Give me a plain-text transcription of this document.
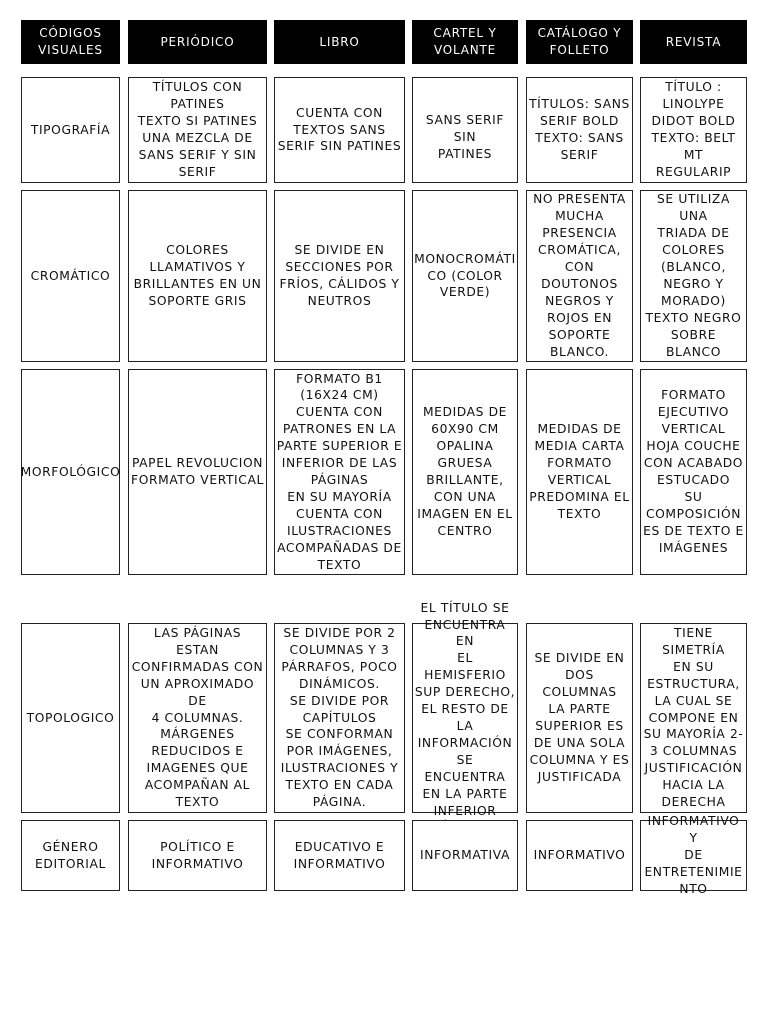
CÓDIGOS
VISUALES
PERIÓDICO	LIBRO
CARTEL Y
VOLANTE
CATÁLOGO Y
FOLLETO
REVISTA
TIPOGRAFÍA
TÍTULOS CON
PATINES
TEXTO SI PATINES
UNA MEZCLA DE
SANS SERIF Y SIN
SERIF
CUENTA CON
TEXTOS SANS
SERIF SIN PATINES
SANS SERIF SIN
PATINES
TÍTULOS: SANS
SERIF BOLD
TEXTO: SANS
SERIF
TÍTULO :
LINOLYPE
DIDOT BOLD
TEXTO: BELT MT
REGULARIP
CROMÁTICO
COLORES
LLAMATIVOS Y
BRILLANTES EN UN
SOPORTE GRIS
SE DIVIDE EN
SECCIONES POR
FRÍOS, CÁLIDOS Y
NEUTROS
MONOCROMÁTI
CO (COLOR
VERDE)
NO PRESENTA
MUCHA
PRESENCIA
CROMÁTICA,
CON
DOUTONOS
NEGROS Y
ROJOS EN
SOPORTE
BLANCO.
SE UTILIZA UNA
TRIADA DE
COLORES
(BLANCO,
NEGRO Y
MORADO)
TEXTO NEGRO
SOBRE BLANCO
MORFOLÓGICO
PAPEL REVOLUCION
FORMATO VERTICAL
FORMATO B1
(16X24 CM)
CUENTA CON
PATRONES EN LA
PARTE SUPERIOR E
INFERIOR DE LAS
PÁGINAS
EN SU MAYORÍA
CUENTA CON
ILUSTRACIONES
ACOMPAÑADAS DE
TEXTO
MEDIDAS DE
60X90 CM
OPALINA
GRUESA
BRILLANTE,
CON UNA
IMAGEN EN EL
CENTRO
MEDIDAS DE
MEDIA CARTA
FORMATO
VERTICAL
PREDOMINA EL
TEXTO
FORMATO
EJECUTIVO
VERTICAL
HOJA COUCHE
CON ACABADO
ESTUCADO
SU
COMPOSICIÓN
ES DE TEXTO E
IMÁGENES
TOPOLOGICO
LAS PÁGINAS
ESTAN
CONFIRMADAS CON
UN APROXIMADO DE
4 COLUMNAS.
MÁRGENES
REDUCIDOS E
IMAGENES QUE
ACOMPAÑAN AL
TEXTO
SE DIVIDE POR 2
COLUMNAS Y 3
PÁRRAFOS, POCO
DINÁMICOS.
SE DIVIDE POR
CAPÍTULOS
SE CONFORMAN
POR IMÁGENES,
ILUSTRACIONES Y
TEXTO EN CADA
PÁGINA.
EL TÍTULO SE
ENCUENTRA EN
EL HEMISFERIO
SUP DERECHO,
EL RESTO DE LA
INFORMACIÓN
SE ENCUENTRA
EN LA PARTE
INFERIOR

SE DIVIDE EN
DOS
COLUMNAS
LA PARTE
SUPERIOR ES
DE UNA SOLA
COLUMNA Y ES
JUSTIFICADA
TIENE SIMETRÍA
EN SU
ESTRUCTURA,
LA CUAL SE
COMPONE EN
SU MAYORÍA 2-
3 COLUMNAS
JUSTIFICACIÓN
HACIA LA
DERECHA
GÉNERO
EDITORIAL
POLÍTICO E
INFORMATIVO
EDUCATIVO E
INFORMATIVO
INFORMATIVA INFORMATIVO
INFORMATIVO Y
DE
ENTRETENIMIE
NTO
